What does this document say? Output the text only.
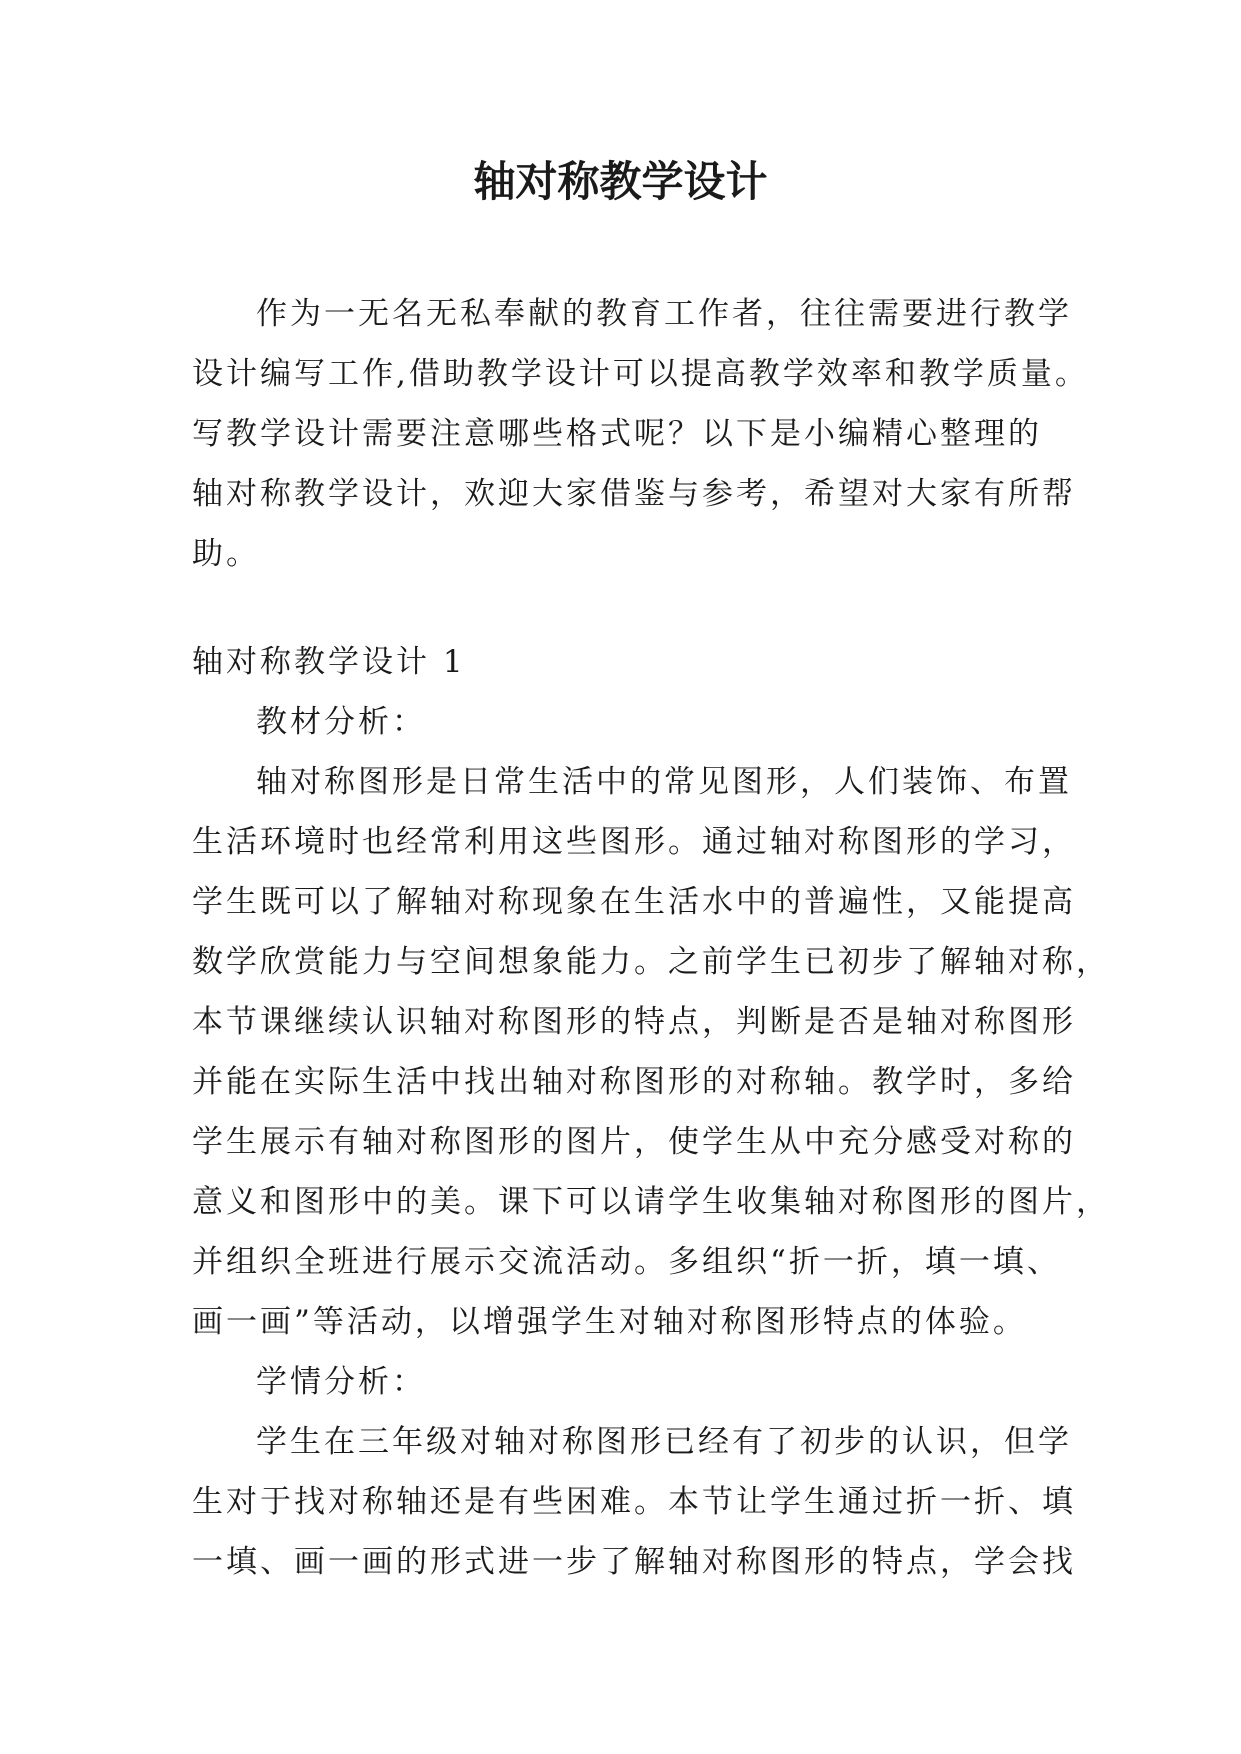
轴对称教学设计
作为一无名无私奉献的教育工作者，往往需要进行教学
设计编写工作,借助教学设计可以提高教学效率和教学质量。
写教学设计需要注意哪些格式呢？以下是小编精心整理的
轴对称教学设计，欢迎大家借鉴与参考，希望对大家有所帮
助。
轴对称教学设计 1
教材分析：
轴对称图形是日常生活中的常见图形，人们装饰、布置
生活环境时也经常利用这些图形。通过轴对称图形的学习，
学生既可以了解轴对称现象在生活水中的普遍性，又能提高
数学欣赏能力与空间想象能力。之前学生已初步了解轴对称，
本节课继续认识轴对称图形的特点，判断是否是轴对称图形
并能在实际生活中找出轴对称图形的对称轴。教学时，多给
学生展示有轴对称图形的图片，使学生从中充分感受对称的
意义和图形中的美。课下可以请学生收集轴对称图形的图片，
并组织全班进行展示交流活动。多组织“折一折，填一填、
画一画”等活动，以增强学生对轴对称图形特点的体验。
学情分析：
学生在三年级对轴对称图形已经有了初步的认识，但学
生对于找对称轴还是有些困难。本节让学生通过折一折、填
一填、画一画的形式进一步了解轴对称图形的特点，学会找
